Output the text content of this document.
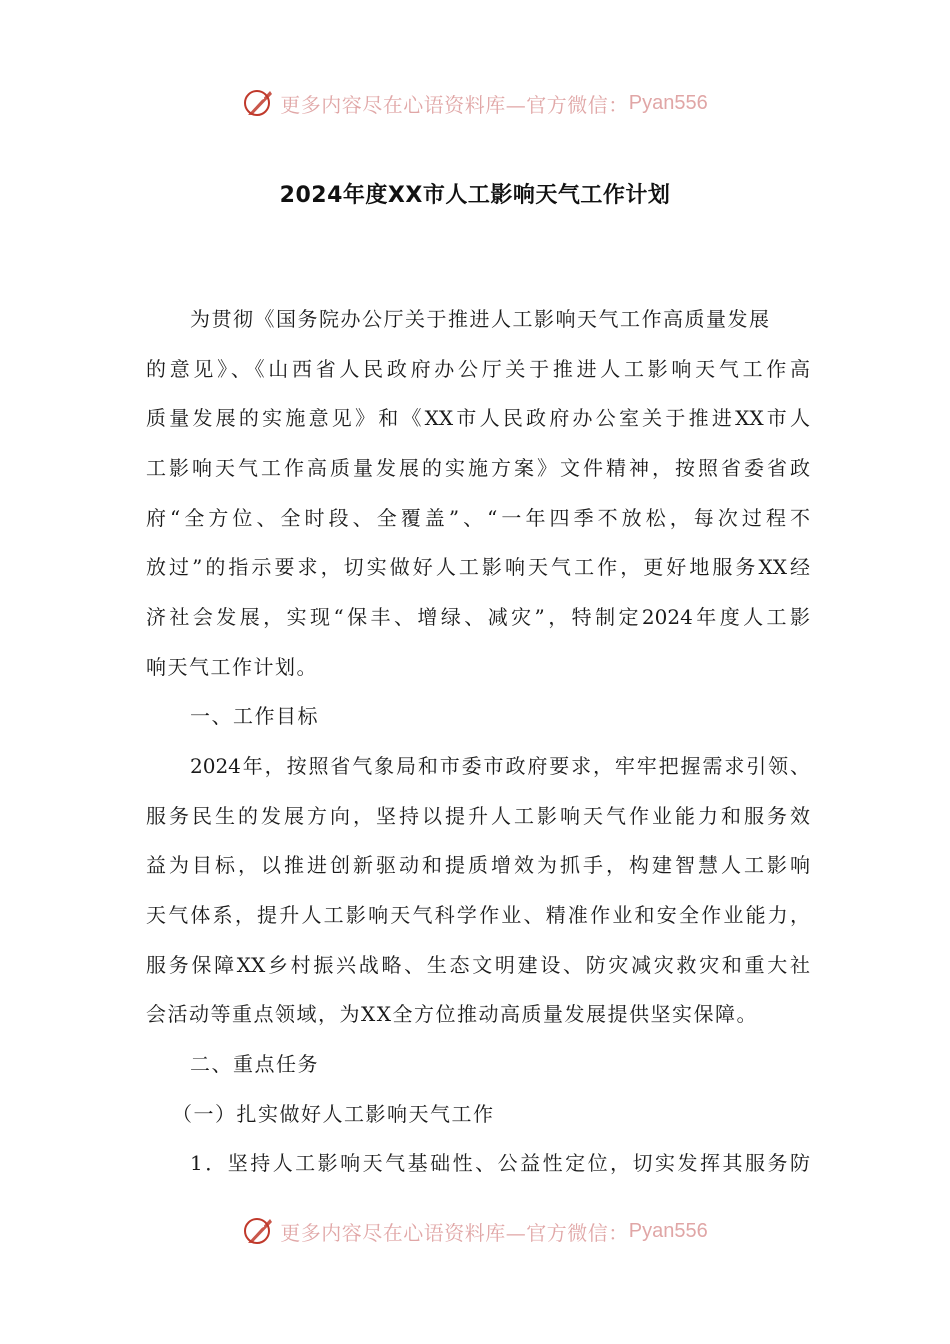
更多内容尽在心语资料库—官方微信： Pyan556
2024年度XX市人工影响天气工作计划
为贯彻《国务院办公厅关于推进人工影响天气工作高质量发展
的意见》、《山西省人民政府办公厅关于推进人工影响天气工作高
质量发展的实施意见》和《XX市人民政府办公室关于推进XX市人
工影响天气工作高质量发展的实施方案》文件精神，按照省委省政
府“全方位、全时段、全覆盖”、“一年四季不放松，每次过程不
放过”的指示要求，切实做好人工影响天气工作，更好地服务XX经
济社会发展，实现“保丰、增绿、减灾”，特制定2024年度人工影
响天气工作计划。
一、工作目标
2024年，按照省气象局和市委市政府要求，牢牢把握需求引领、
服务民生的发展方向，坚持以提升人工影响天气作业能力和服务效
益为目标，以推进创新驱动和提质增效为抓手，构建智慧人工影响
天气体系，提升人工影响天气科学作业、精准作业和安全作业能力，
服务保障XX乡村振兴战略、生态文明建设、防灾减灾救灾和重大社
会活动等重点领域，为XX全方位推动高质量发展提供坚实保障。
二、重点任务
（一）扎实做好人工影响天气工作
1．坚持人工影响天气基础性、公益性定位，切实发挥其服务防
更多内容尽在心语资料库—官方微信： Pyan556
